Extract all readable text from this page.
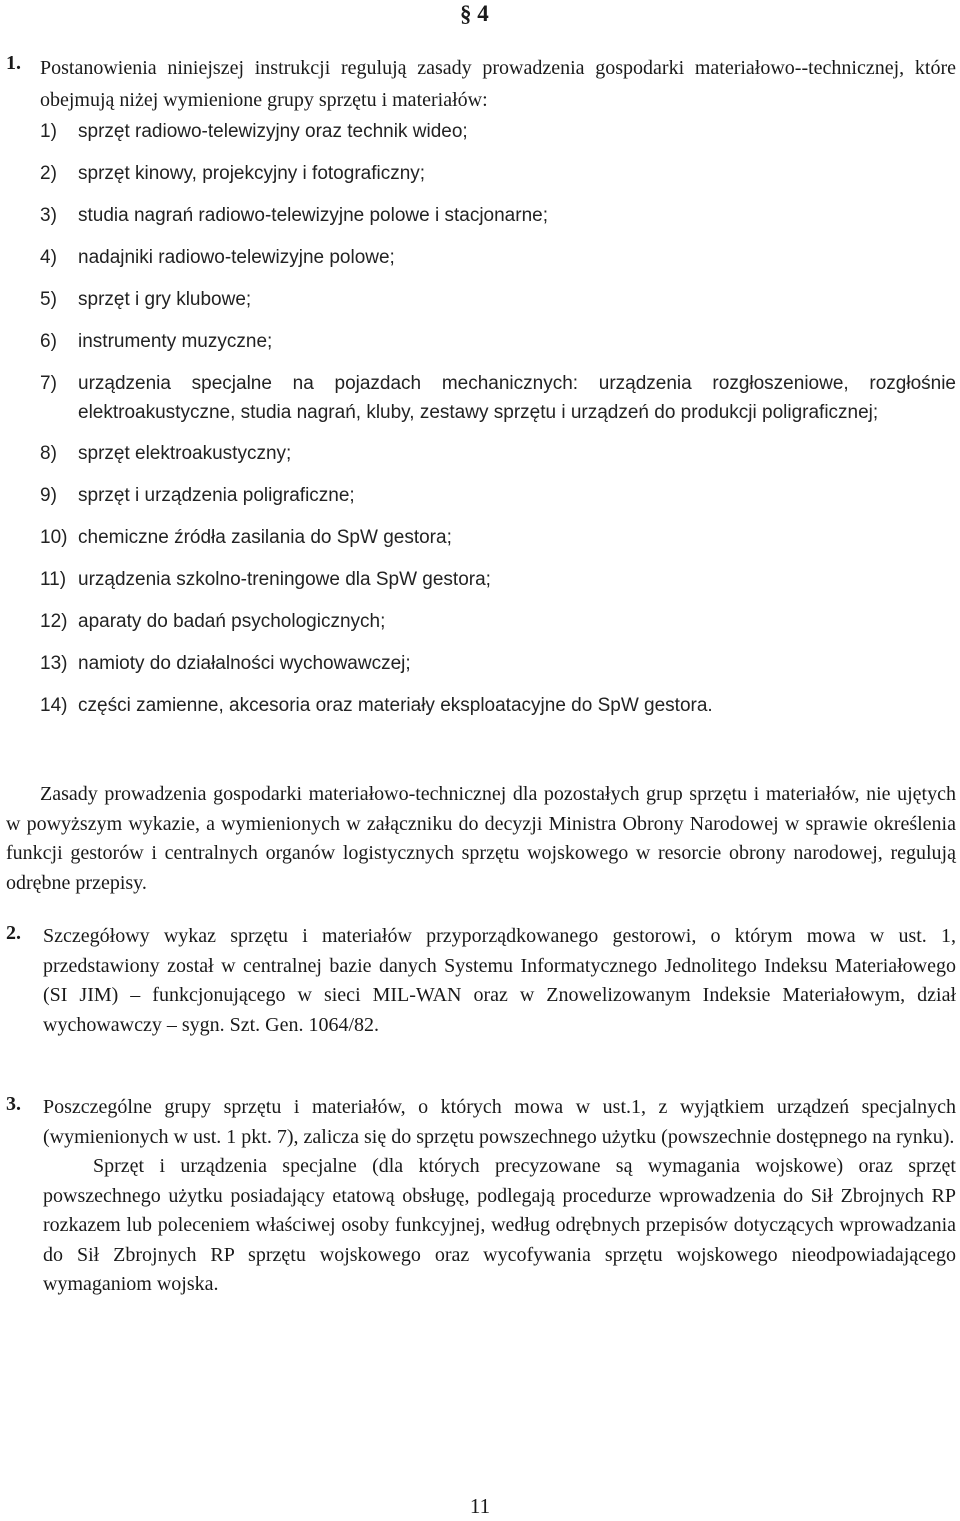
§ 4
1. Postanowienia niniejszej instrukcji regulują zasady prowadzenia gospodarki materiałowo--technicznej, które obejmują niżej wymienione grupy sprzętu i materiałów:
1) sprzęt radiowo-telewizyjny oraz technik wideo;
2) sprzęt kinowy, projekcyjny i fotograficzny;
3) studia nagrań radiowo-telewizyjne polowe i stacjonarne;
4) nadajniki radiowo-telewizyjne polowe;
5) sprzęt i gry klubowe;
6) instrumenty muzyczne;
7) urządzenia specjalne na pojazdach mechanicznych: urządzenia rozgłoszeniowe, rozgłośnie elektroakustyczne, studia nagrań, kluby, zestawy sprzętu i urządzeń do produkcji poligraficznej;
8) sprzęt elektroakustyczny;
9) sprzęt i urządzenia poligraficzne;
10) chemiczne źródła zasilania do SpW gestora;
11) urządzenia szkolno-treningowe dla SpW gestora;
12) aparaty do badań psychologicznych;
13) namioty do działalności wychowawczej;
14) części zamienne, akcesoria oraz materiały eksploatacyjne do SpW gestora.
Zasady prowadzenia gospodarki materiałowo-technicznej dla pozostałych grup sprzętu i materiałów, nie ujętych w powyższym wykazie, a wymienionych w załączniku do decyzji Ministra Obrony Narodowej w sprawie określenia funkcji gestorów i centralnych organów logistycznych sprzętu wojskowego w resorcie obrony narodowej, regulują odrębne przepisy.
2. Szczegółowy wykaz sprzętu i materiałów przyporządkowanego gestorowi, o którym mowa w ust. 1, przedstawiony został w centralnej bazie danych Systemu Informatycznego Jednolitego Indeksu Materiałowego (SI JIM) – funkcjonującego w sieci MIL-WAN oraz w Znowelizowanym Indeksie Materiałowym, dział wychowawczy – sygn. Szt. Gen. 1064/82.
3. Poszczególne grupy sprzętu i materiałów, o których mowa w ust.1, z wyjątkiem urządzeń specjalnych (wymienionych w ust. 1 pkt. 7), zalicza się do sprzętu powszechnego użytku (powszechnie dostępnego na rynku).

Sprzęt i urządzenia specjalne (dla których precyzowane są wymagania wojskowe) oraz sprzęt powszechnego użytku posiadający etatową obsługę, podlegają procedurze wprowadzenia do Sił Zbrojnych RP rozkazem lub poleceniem właściwej osoby funkcyjnej, według odrębnych przepisów dotyczących wprowadzania do Sił Zbrojnych RP sprzętu wojskowego oraz wycofywania sprzętu wojskowego nieodpowiadającego wymaganiom wojska.

11
